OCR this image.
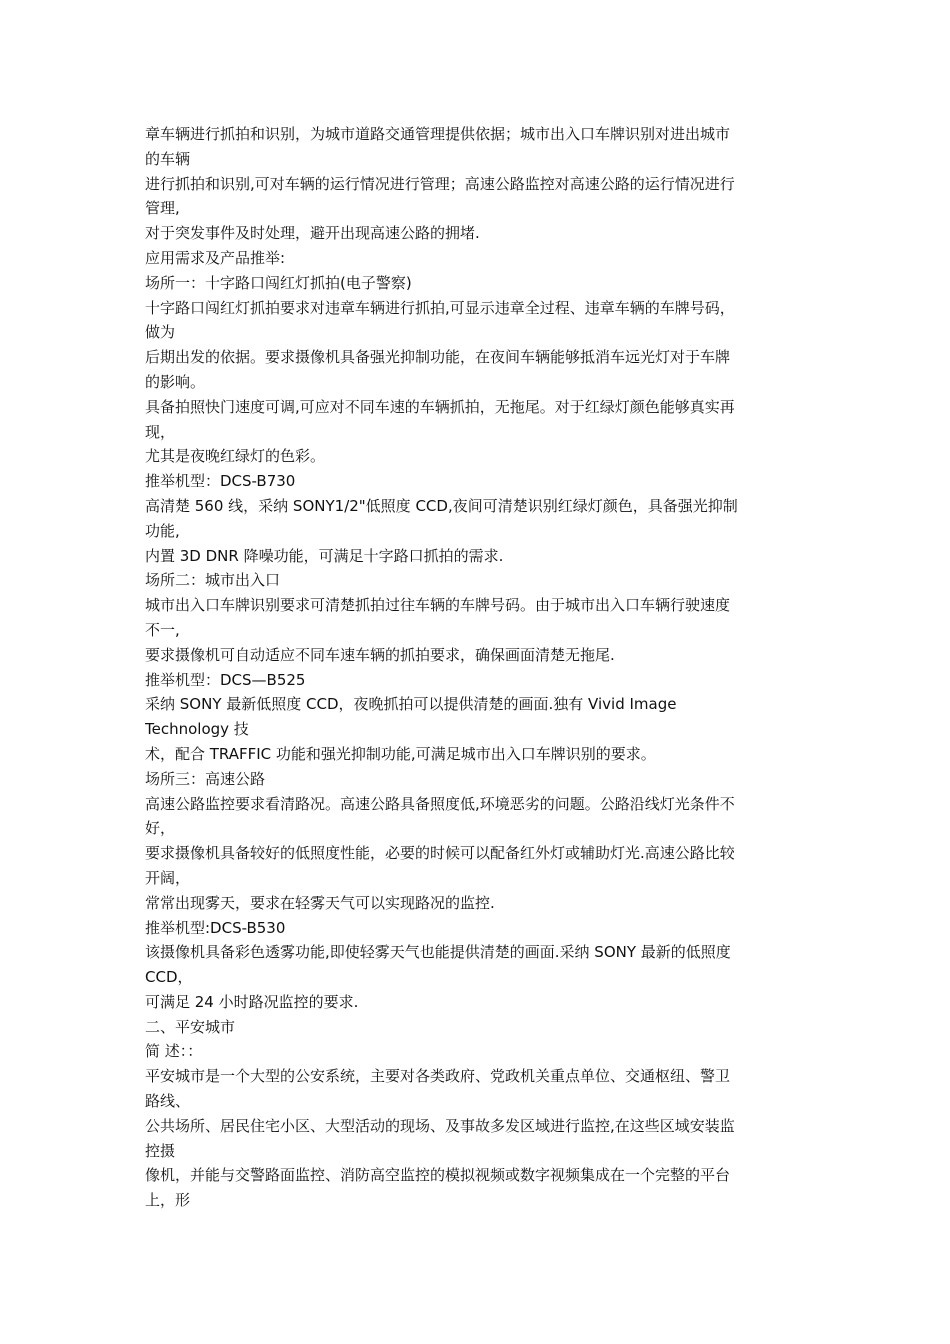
章车辆进行抓拍和识别，为城市道路交通管理提供依据；城市出入口车牌识别对进出城市
的车辆
进行抓拍和识别,可对车辆的运行情况进行管理；高速公路监控对高速公路的运行情况进行
管理,
对于突发事件及时处理，避开出现高速公路的拥堵.
应用需求及产品推举:
场所一：十字路口闯红灯抓拍(电子警察)
十字路口闯红灯抓拍要求对违章车辆进行抓拍,可显示违章全过程、违章车辆的车牌号码，
做为
后期出发的依据。要求摄像机具备强光抑制功能，在夜间车辆能够抵消车远光灯对于车牌
的影响。
具备拍照快门速度可调,可应对不同车速的车辆抓拍，无拖尾。对于红绿灯颜色能够真实再
现，
尤其是夜晚红绿灯的色彩。
推举机型：DCS-B730
高清楚 560 线，采纳 SONY1/2"低照度 CCD,夜间可清楚识别红绿灯颜色，具备强光抑制
功能,
内置 3D DNR 降噪功能，可满足十字路口抓拍的需求.
场所二：城市出入口
城市出入口车牌识别要求可清楚抓拍过往车辆的车牌号码。由于城市出入口车辆行驶速度
不一,
要求摄像机可自动适应不同车速车辆的抓拍要求，确保画面清楚无拖尾.
推举机型：DCS—B525
采纳 SONY 最新低照度 CCD，夜晚抓拍可以提供清楚的画面.独有 Vivid Image
Technology 技
术，配合 TRAFFIC 功能和强光抑制功能,可满足城市出入口车牌识别的要求。
场所三：高速公路
高速公路监控要求看清路况。高速公路具备照度低,环境恶劣的问题。公路沿线灯光条件不
好，
要求摄像机具备较好的低照度性能，必要的时候可以配备红外灯或辅助灯光.高速公路比较
开阔，
常常出现雾天，要求在轻雾天气可以实现路况的监控.
推举机型:DCS-B530
该摄像机具备彩色透雾功能,即使轻雾天气也能提供清楚的画面.采纳 SONY 最新的低照度
CCD，
可满足 24 小时路况监控的要求.
二、平安城市
简 述：：
平安城市是一个大型的公安系统，主要对各类政府、党政机关重点单位、交通枢纽、警卫
路线、
公共场所、居民住宅小区、大型活动的现场、及事故多发区域进行监控,在这些区域安装监
控摄
像机，并能与交警路面监控、消防高空监控的模拟视频或数字视频集成在一个完整的平台
上，形
